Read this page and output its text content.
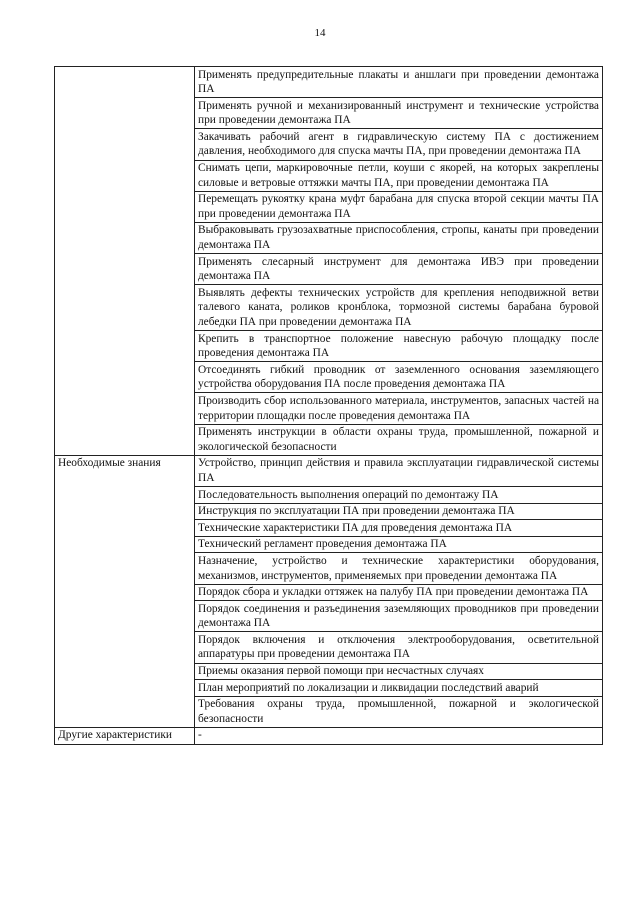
14
	Применять предупредительные плакаты и аншлаги при проведении демонтажа ПА
	Применять ручной и механизированный инструмент и технические устройства при проведении демонтажа ПА
	Закачивать рабочий агент в гидравлическую систему ПА с достижением давления, необходимого для спуска мачты ПА, при проведении демонтажа ПА
	Снимать цепи, маркировочные петли, коуши с якорей, на которых закреплены силовые и ветровые оттяжки мачты ПА, при проведении демонтажа ПА
	Перемещать рукоятку крана муфт барабана для спуска второй секции мачты ПА при проведении демонтажа ПА
	Выбраковывать грузозахватные приспособления, стропы, канаты при проведении демонтажа ПА
	Применять слесарный инструмент для демонтажа ИВЭ при проведении демонтажа ПА
	Выявлять дефекты технических устройств для крепления неподвижной ветви талевого каната, роликов кронблока, тормозной системы барабана буровой лебедки ПА при проведении демонтажа ПА
	Крепить в транспортное положение навесную рабочую площадку после проведения демонтажа ПА
	Отсоединять гибкий проводник от заземленного основания заземляющего устройства оборудования ПА после проведения демонтажа ПА
	Производить сбор использованного материала, инструментов, запасных частей на территории площадки после проведения демонтажа ПА
	Применять инструкции в области охраны труда, промышленной, пожарной и экологической безопасности
Необходимые знания	Устройство, принцип действия и правила эксплуатации гидравлической системы ПА
	Последовательность выполнения операций по демонтажу ПА
	Инструкция по эксплуатации ПА при проведении демонтажа ПА
	Технические характеристики ПА для проведения демонтажа ПА
	Технический регламент проведения демонтажа ПА
	Назначение, устройство и технические характеристики оборудования, механизмов, инструментов, применяемых при проведении демонтажа ПА
	Порядок сбора и укладки оттяжек на палубу ПА при проведении демонтажа ПА
	Порядок соединения и разъединения заземляющих проводников при проведении демонтажа ПА
	Порядок включения и отключения электрооборудования, осветительной аппаратуры при проведении демонтажа ПА
	Приемы оказания первой помощи при несчастных случаях
	План мероприятий по локализации и ликвидации последствий аварий
	Требования охраны труда, промышленной, пожарной и экологической безопасности
Другие характеристики	-
